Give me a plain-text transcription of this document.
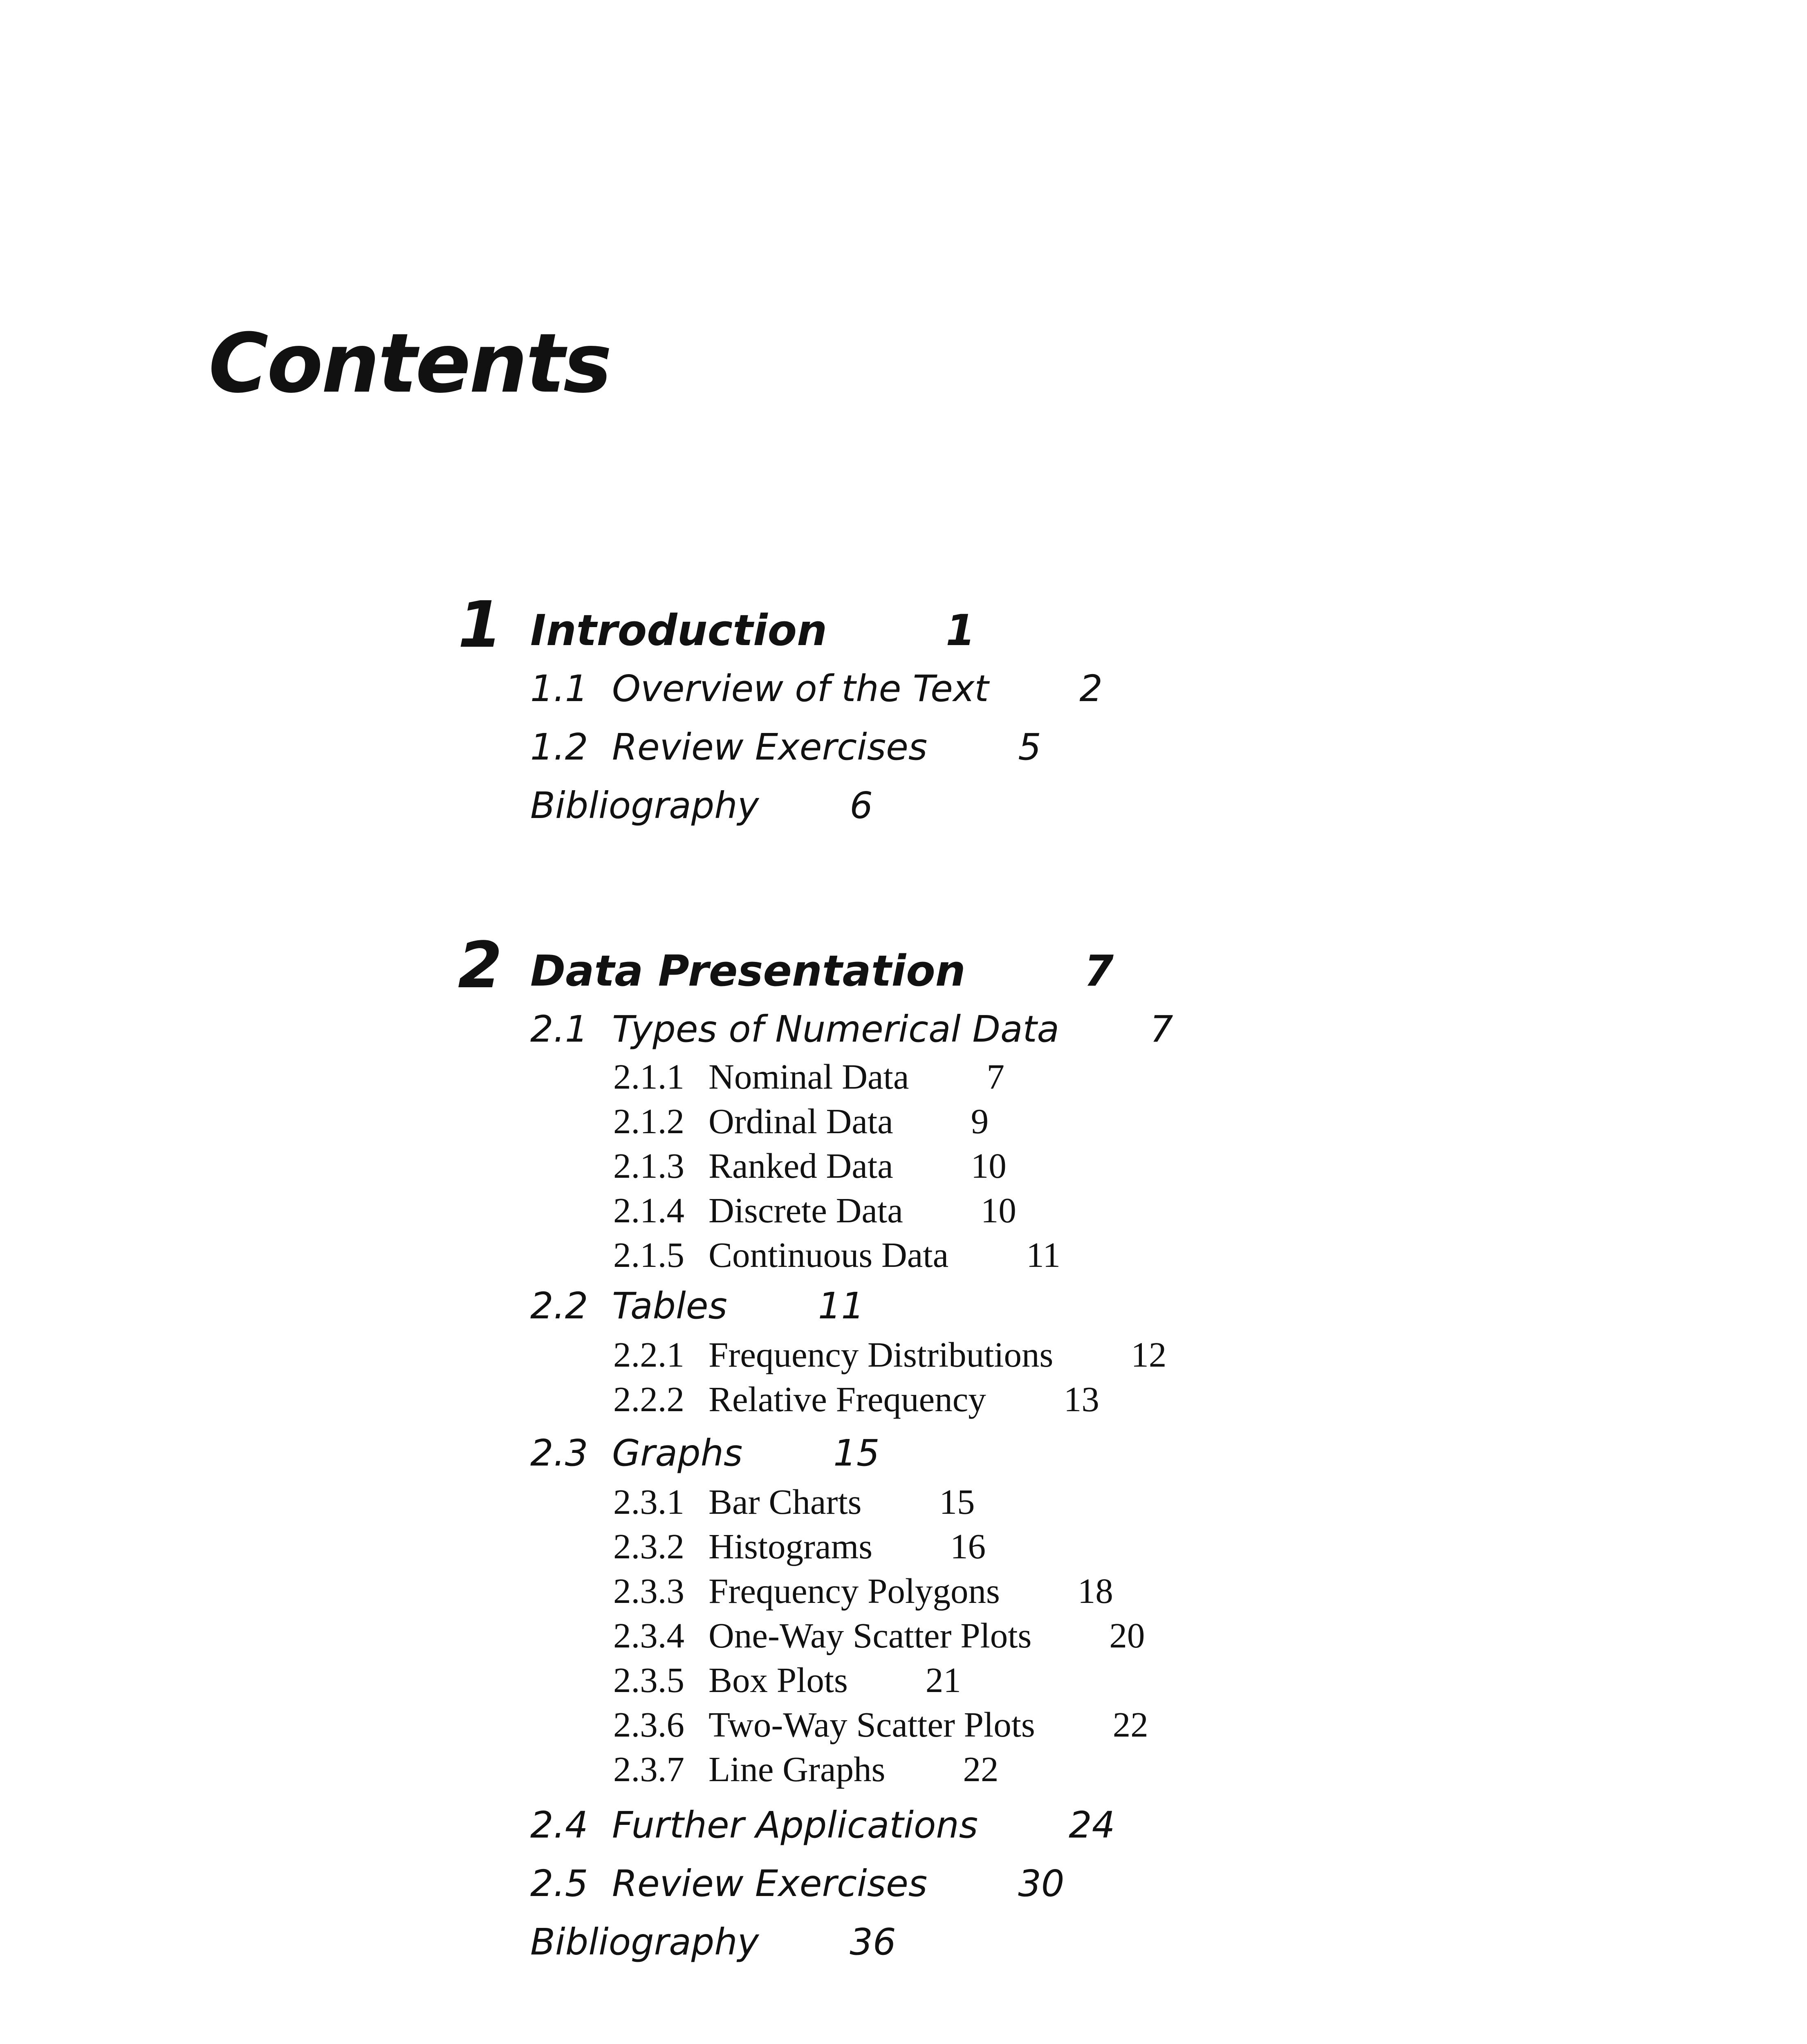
Contents
1 Introduction	1
1.1 Overview of the Text 2
1.2 Review Exercises 5
Bibliography 6
2 Data Presentation	7
2.1 Types of Numerical Data 7
2.1.1 Nominal Data 7
2.1.2 Ordinal Data 9
2.1.3 Ranked Data 10
2.1.4 Discrete Data 10
2.1.5 Continuous Data 11
2.2 Tables 11
2.2.1 Frequency Distributions 12
2.2.2 Relative Frequency 13
2.3 Graphs 15
2.3.1 Bar Charts 15
2.3.2 Histograms 16
2.3.3 Frequency Polygons 18
2.3.4 One-Way Scatter Plots 20
2.3.5 Box Plots 21
2.3.6 Two-Way Scatter Plots 22
2.3.7 Line Graphs 22
2.4 Further Applications 24
2.5 Review Exercises 30
Bibliography 36
